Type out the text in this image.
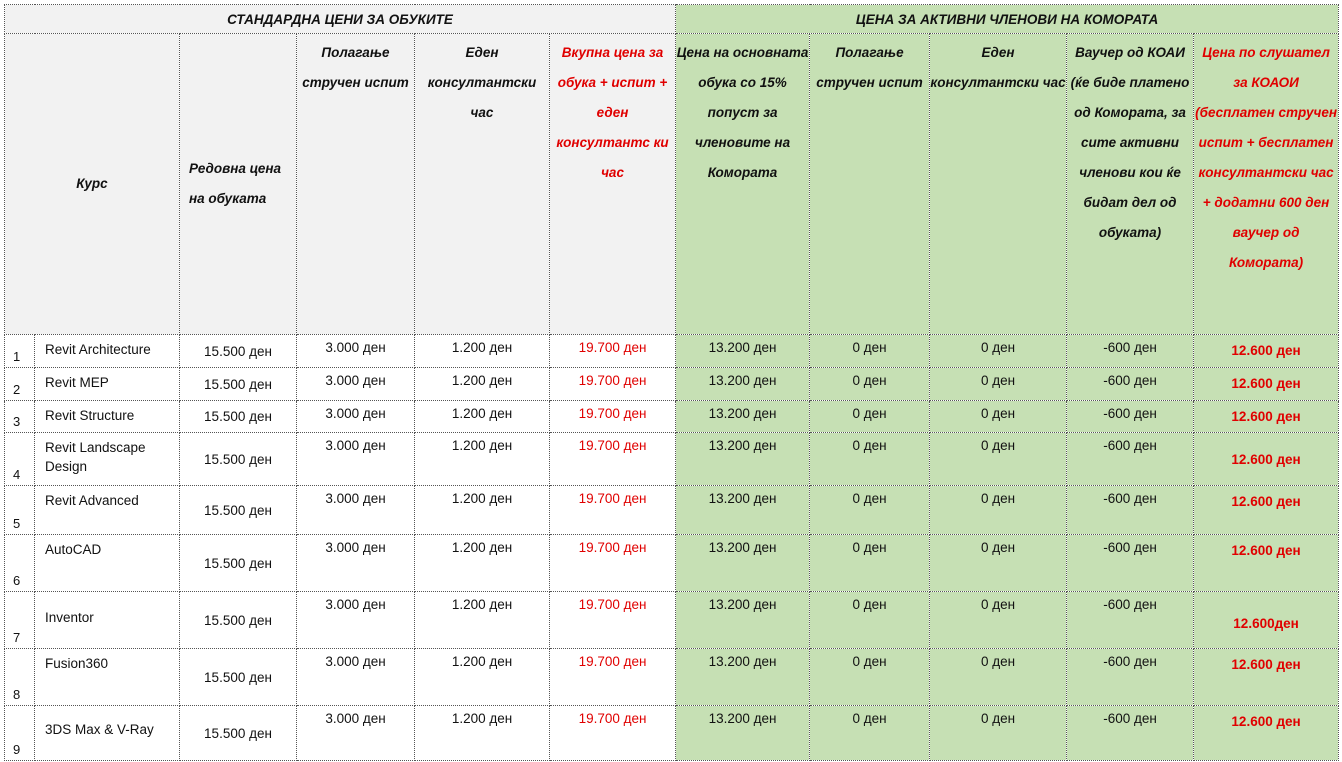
СТАНДАРДНА ЦЕНИ ЗА ОБУКИТЕ						ЦЕНА ЗА АКТИВНИ ЧЛЕНОВИ НА КОМОРАТА				
Курс		Редовна цена на обуката	Полагање стручен испит	Еден консултантски час	Вкупна цена за обука + испит + еден консултантс ки час	Цена на основната обука со 15% попуст за членовите на Комората	Полагање стручен испит	Еден консултантски час	Ваучер од КОАИ (ќе биде платено од Комората, за сите активни членови кои ќе бидат дел од обуката)	Цена по слушател за КОАОИ (бесплатен стручен испит + бесплатен консултантски час + додатни 600 ден ваучер од Комората)
1	Revit Architecture	15.500 ден	3.000 ден	1.200 ден	19.700 ден	13.200 ден	0 ден	0 ден	-600 ден	12.600 ден
2	Revit MEP	15.500 ден	3.000 ден	1.200 ден	19.700 ден	13.200 ден	0 ден	0 ден	-600 ден	12.600 ден
3	Revit Structure	15.500 ден	3.000 ден	1.200 ден	19.700 ден	13.200 ден	0 ден	0 ден	-600 ден	12.600 ден
4	Revit Landscape Design	15.500 ден	3.000 ден	1.200 ден	19.700 ден	13.200 ден	0 ден	0 ден	-600 ден	12.600 ден
5	Revit Advanced	15.500 ден	3.000 ден	1.200 ден	19.700 ден	13.200 ден	0 ден	0 ден	-600 ден	12.600 ден
6	AutoCAD	15.500 ден	3.000 ден	1.200 ден	19.700 ден	13.200 ден	0 ден	0 ден	-600 ден	12.600 ден
7	Inventor	15.500 ден	3.000 ден	1.200 ден	19.700 ден	13.200 ден	0 ден	0 ден	-600 ден	12.600ден
8	Fusion360	15.500 ден	3.000 ден	1.200 ден	19.700 ден	13.200 ден	0 ден	0 ден	-600 ден	12.600 ден
9	3DS Max & V-Ray	15.500 ден	3.000 ден	1.200 ден	19.700 ден	13.200 ден	0 ден	0 ден	-600 ден	12.600 ден
